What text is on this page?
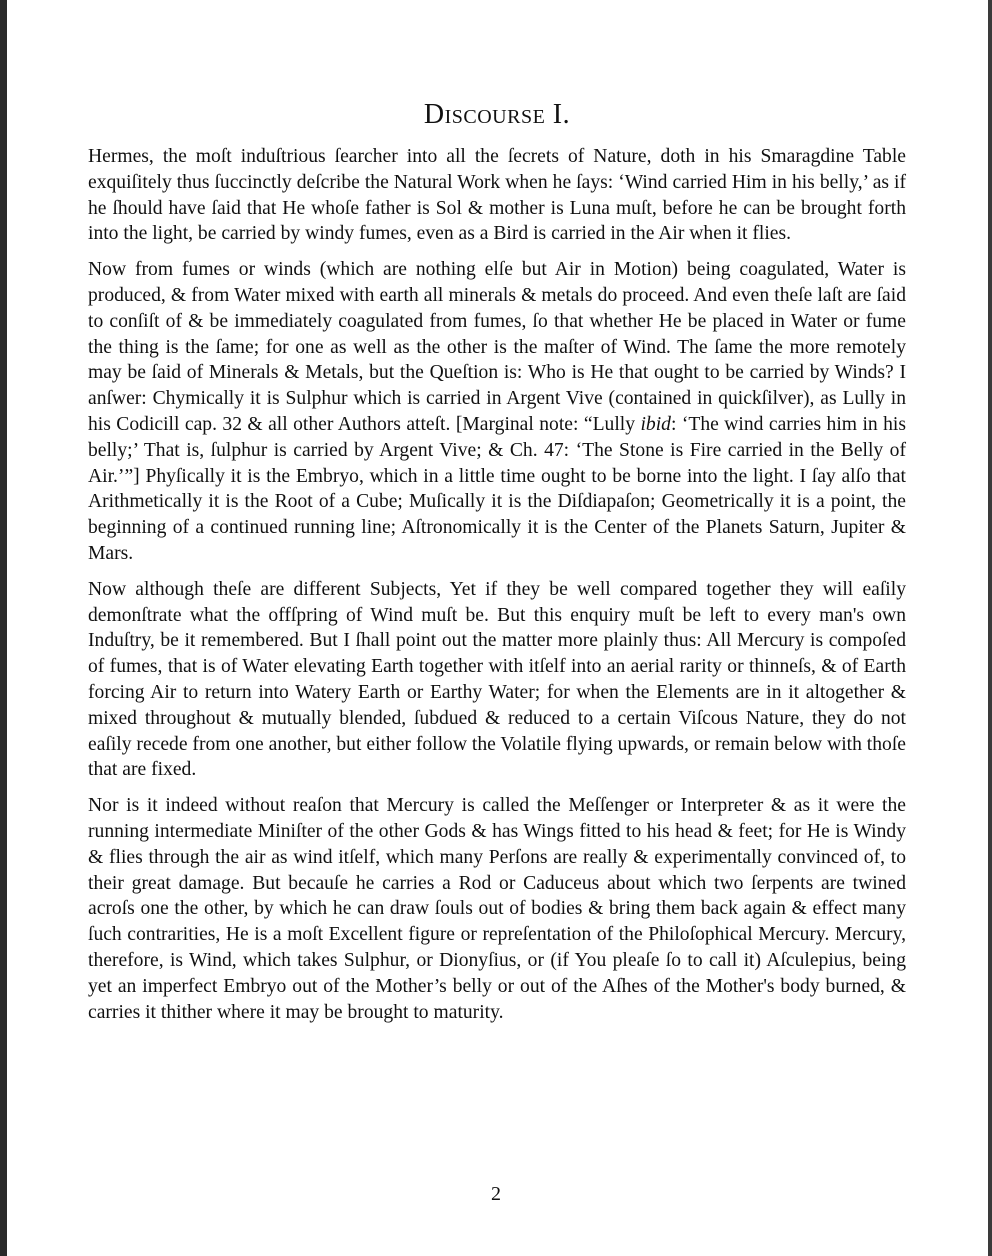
Discourse I.

Hermes, the moſt induſtrious ſearcher into all the ſecrets of Nature, doth in his Smaragdine Table exquiſitely thus ſuccinctly deſcribe the Natural Work when he ſays: ‘Wind carried Him in his belly,’ as if he ſhould have ſaid that He whoſe father is Sol & mother is Luna muſt, before he can be brought forth into the light, be carried by windy fumes, even as a Bird is carried in the Air when it flies.

Now from fumes or winds (which are nothing elſe but Air in Motion) being coagulated, Water is produced, & from Water mixed with earth all minerals & metals do proceed. And even theſe laſt are ſaid to conſiſt of & be immediately coagulated from fumes, ſo that whether He be placed in Water or fume the thing is the ſame; for one as well as the other is the maſter of Wind. The ſame the more remotely may be ſaid of Minerals & Metals, but the Queſtion is: Who is He that ought to be carried by Winds? I anſwer: Chymically it is Sulphur which is carried in Argent Vive (contained in quickſilver), as Lully in his Codicill cap. 32 & all other Authors atteſt. [Marginal note: “Lully ibid: ‘The wind carries him in his belly;’ That is, ſulphur is carried by Argent Vive; & Ch. 47: ‘The Stone is Fire carried in the Belly of Air.’”] Phyſically it is the Embryo, which in a little time ought to be borne into the light. I ſay alſo that Arithmetically it is the Root of a Cube; Muſically it is the Diſdiapaſon; Geometrically it is a point, the beginning of a continued running line; Aſtronomically it is the Center of the Planets Saturn, Jupiter & Mars.

Now although theſe are different Subjects, Yet if they be well compared together they will eaſily demonſtrate what the offſpring of Wind muſt be. But this enquiry muſt be left to every man's own Induſtry, be it remembered. But I ſhall point out the matter more plainly thus: All Mercury is compoſed of fumes, that is of Water elevating Earth together with itſelf into an aerial rarity or thinneſs, & of Earth forcing Air to return into Watery Earth or Earthy Water; for when the Elements are in it altogether & mixed throughout & mutually blended, ſubdued & reduced to a certain Viſcous Nature, they do not eaſily recede from one another, but either follow the Volatile flying upwards, or remain below with thoſe that are fixed.

Nor is it indeed without reaſon that Mercury is called the Meſſenger or Interpreter & as it were the running intermediate Miniſter of the other Gods & has Wings fitted to his head & feet; for He is Windy & flies through the air as wind itſelf, which many Perſons are really & experimentally convinced of, to their great damage. But becauſe he carries a Rod or Caduceus about which two ſerpents are twined acroſs one the other, by which he can draw ſouls out of bodies & bring them back again & effect many ſuch contrarities, He is a moſt Excellent figure or repreſentation of the Philoſophical Mercury. Mercury, therefore, is Wind, which takes Sulphur, or Dionyſius, or (if You pleaſe ſo to call it) Aſculepius, being yet an imperfect Embryo out of the Mother’s belly or out of the Aſhes of the Mother's body burned, & carries it thither where it may be brought to maturity.

2
